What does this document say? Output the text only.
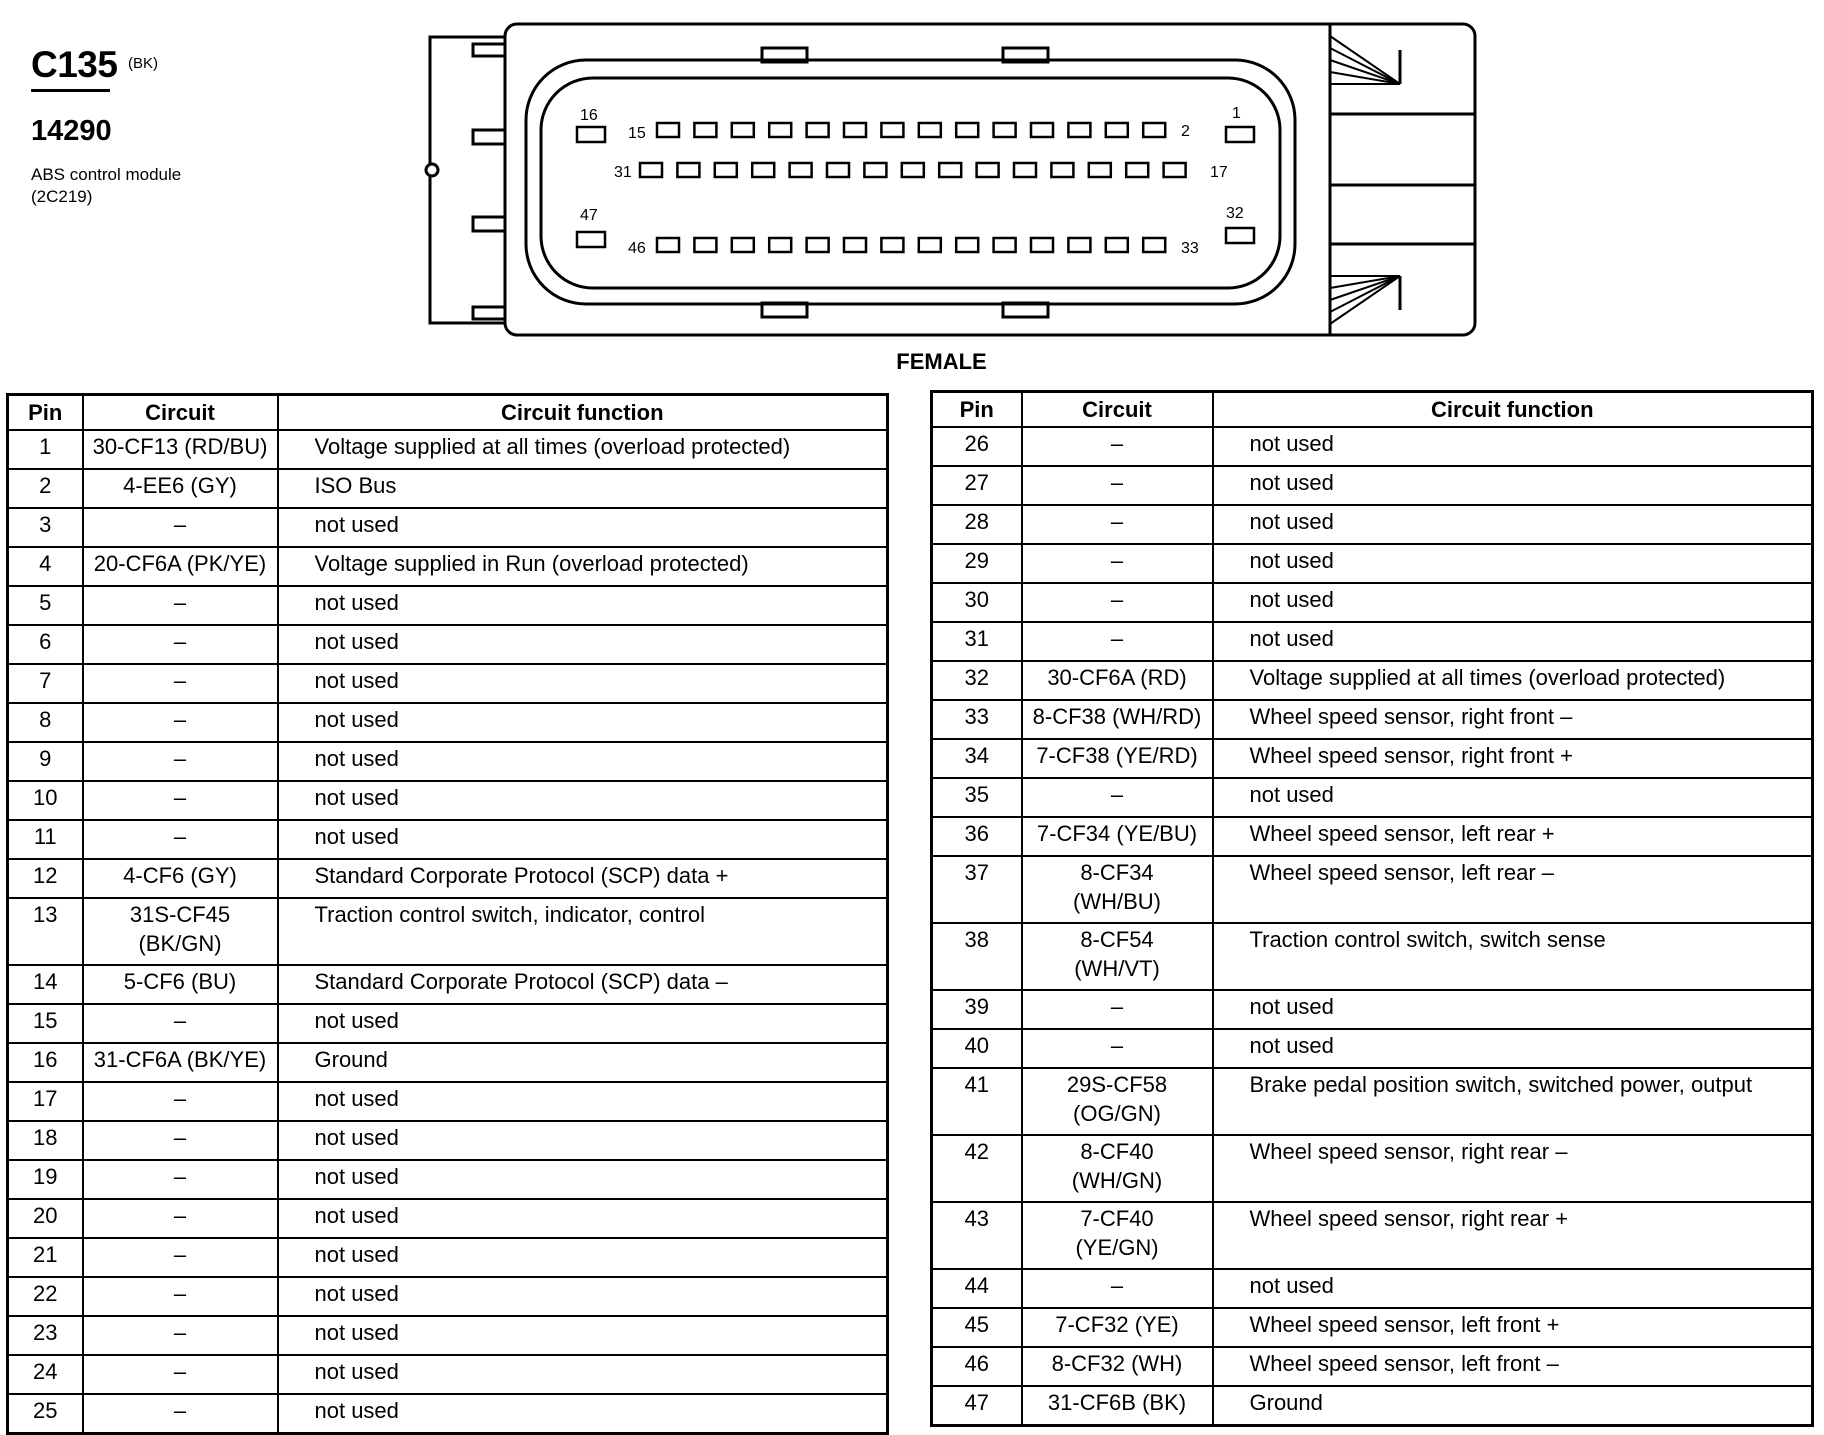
C135 (BK)
14290
ABS control module
(2C219)
16
15	2
1
31	17
47
46	33
32
FEMALE
Pin	Circuit	Circuit function
1	30-CF13 (RD/BU)	Voltage supplied at all times (overload protected)
2	4-EE6 (GY)	ISO Bus
3	–	not used
4	20-CF6A (PK/YE)	Voltage supplied in Run (overload protected)
5	–	not used
6	–	not used
7	–	not used
8	–	not used
9	–	not used
10	–	not used
11	–	not used
12	4-CF6 (GY)	Standard Corporate Protocol (SCP) data +
13	31S-CF45
(BK/GN)	Traction control switch, indicator, control
14	5-CF6 (BU)	Standard Corporate Protocol (SCP) data –
15	–	not used
16	31-CF6A (BK/YE)	Ground
17	–	not used
18	–	not used
19	–	not used
20	–	not used
21	–	not used
22	–	not used
23	–	not used
24	–	not used
25	–	not used
Pin	Circuit	Circuit function
26	–	not used
27	–	not used
28	–	not used
29	–	not used
30	–	not used
31	–	not used
32	30-CF6A (RD)	Voltage supplied at all times (overload protected)
33	8-CF38 (WH/RD)	Wheel speed sensor, right front –
34	7-CF38 (YE/RD)	Wheel speed sensor, right front +
35	–	not used
36	7-CF34 (YE/BU)	Wheel speed sensor, left rear +
37	8-CF34
(WH/BU)	Wheel speed sensor, left rear –
38	8-CF54
(WH/VT)	Traction control switch, switch sense
39	–	not used
40	–	not used
41	29S-CF58
(OG/GN)	Brake pedal position switch, switched power, output
42	8-CF40
(WH/GN)	Wheel speed sensor, right rear –
43	7-CF40
(YE/GN)	Wheel speed sensor, right rear +
44	–	not used
45	7-CF32 (YE)	Wheel speed sensor, left front +
46	8-CF32 (WH)	Wheel speed sensor, left front –
47	31-CF6B (BK)	Ground
